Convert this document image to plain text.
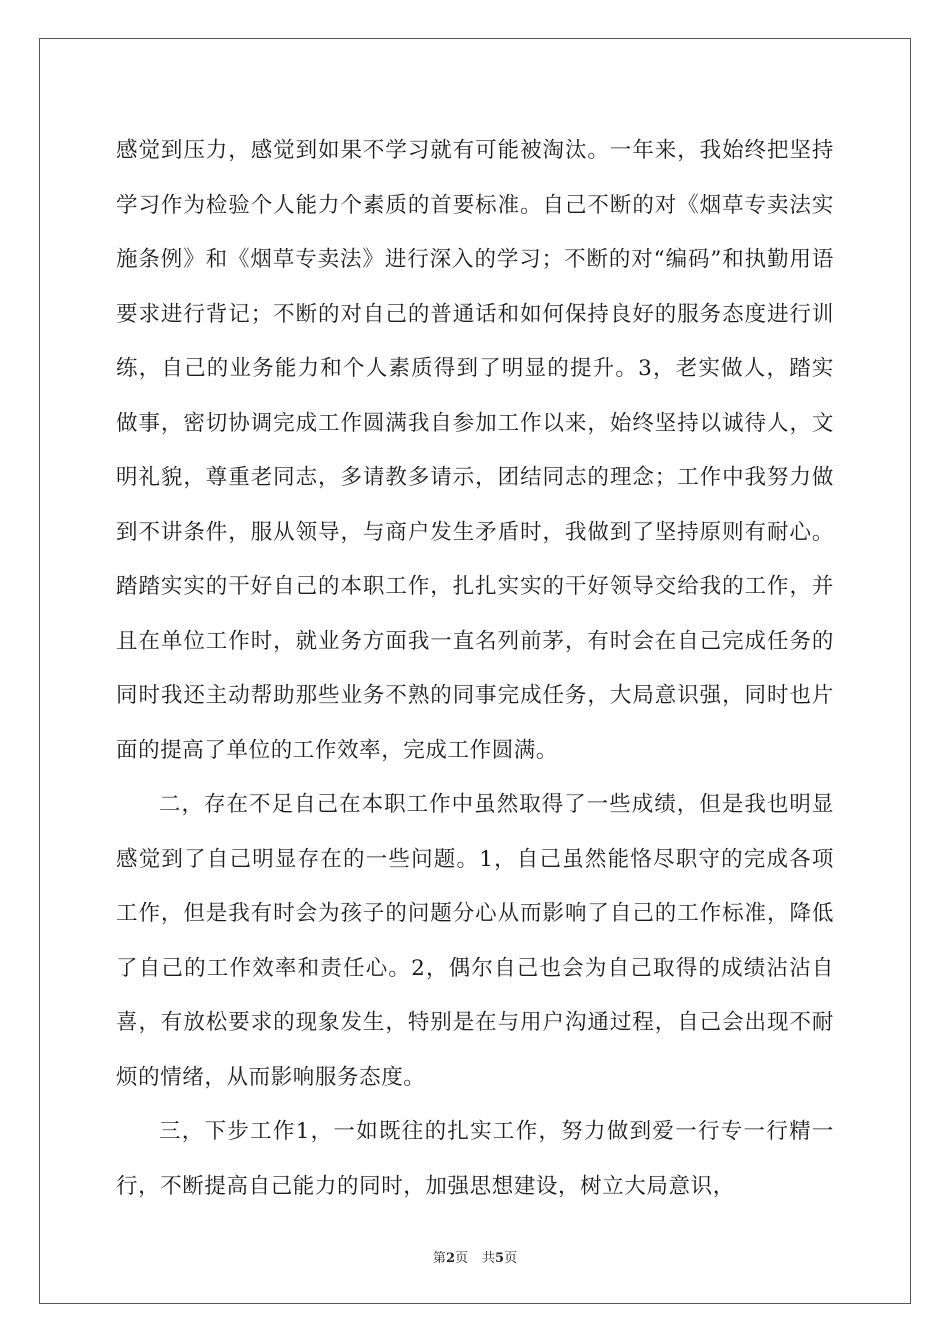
感觉到压力，感觉到如果不学习就有可能被淘汰。一年来，我始终把坚持学习作为检验个人能力个素质的首要标准。自己不断的对《烟草专卖法实施条例》和《烟草专卖法》进行深入的学习；不断的对“编码”和执勤用语要求进行背记；不断的对自己的普通话和如何保持良好的服务态度进行训练，自己的业务能力和个人素质得到了明显的提升。3，老实做人，踏实做事，密切协调完成工作圆满我自参加工作以来，始终坚持以诚待人，文明礼貌，尊重老同志，多请教多请示，团结同志的理念；工作中我努力做到不讲条件，服从领导，与商户发生矛盾时，我做到了坚持原则有耐心。踏踏实实的干好自己的本职工作，扎扎实实的干好领导交给我的工作，并且在单位工作时，就业务方面我一直名列前茅，有时会在自己完成任务的同时我还主动帮助那些业务不熟的同事完成任务，大局意识强，同时也片面的提高了单位的工作效率，完成工作圆满。

二，存在不足自己在本职工作中虽然取得了一些成绩，但是我也明显感觉到了自己明显存在的一些问题。1，自己虽然能恪尽职守的完成各项工作，但是我有时会为孩子的问题分心从而影响了自己的工作标准，降低了自己的工作效率和责任心。2，偶尔自己也会为自己取得的成绩沾沾自喜，有放松要求的现象发生，特别是在与用户沟通过程，自己会出现不耐烦的情绪，从而影响服务态度。

三，下步工作1，一如既往的扎实工作，努力做到爱一行专一行精一行，不断提高自己能力的同时，加强思想建设，树立大局意识，

第2页 共5页
